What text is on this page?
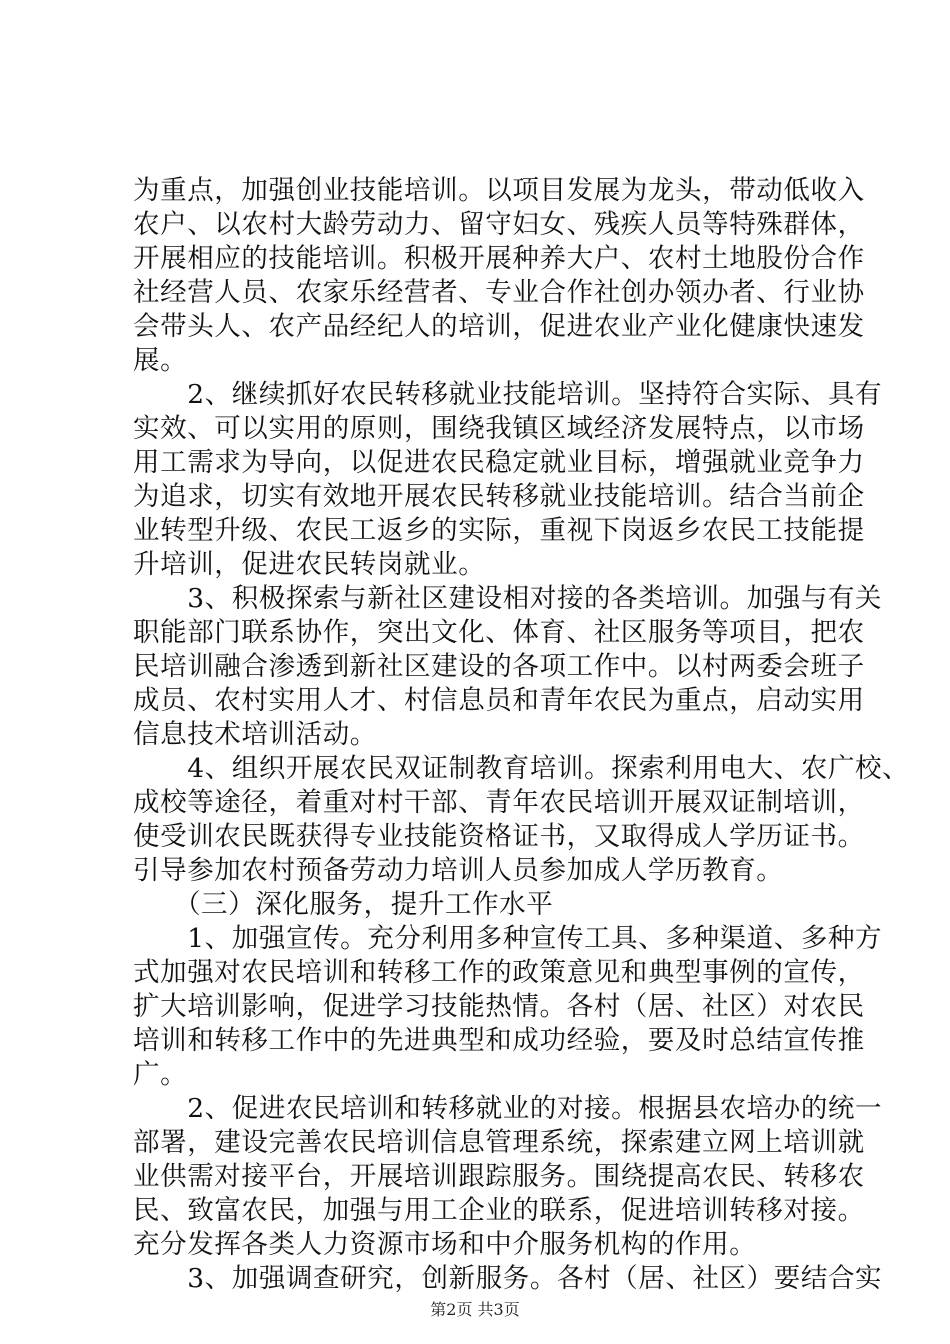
为重点，加强创业技能培训。以项目发展为龙头，带动低收入
农户、以农村大龄劳动力、留守妇女、残疾人员等特殊群体，
开展相应的技能培训。积极开展种养大户、农村土地股份合作
社经营人员、农家乐经营者、专业合作社创办领办者、行业协
会带头人、农产品经纪人的培训，促进农业产业化健康快速发
展。
　　2、继续抓好农民转移就业技能培训。坚持符合实际、具有
实效、可以实用的原则，围绕我镇区域经济发展特点，以市场
用工需求为导向，以促进农民稳定就业目标，增强就业竞争力
为追求，切实有效地开展农民转移就业技能培训。结合当前企
业转型升级、农民工返乡的实际，重视下岗返乡农民工技能提
升培训，促进农民转岗就业。
　　3、积极探索与新社区建设相对接的各类培训。加强与有关
职能部门联系协作，突出文化、体育、社区服务等项目，把农
民培训融合渗透到新社区建设的各项工作中。以村两委会班子
成员、农村实用人才、村信息员和青年农民为重点，启动实用
信息技术培训活动。
　　4、组织开展农民双证制教育培训。探索利用电大、农广校、
成校等途径，着重对村干部、青年农民培训开展双证制培训，
使受训农民既获得专业技能资格证书，又取得成人学历证书。
引导参加农村预备劳动力培训人员参加成人学历教育。
　　（三）深化服务，提升工作水平
　　1、加强宣传。充分利用多种宣传工具、多种渠道、多种方
式加强对农民培训和转移工作的政策意见和典型事例的宣传，
扩大培训影响，促进学习技能热情。各村（居、社区）对农民
培训和转移工作中的先进典型和成功经验，要及时总结宣传推
广。
　　2、促进农民培训和转移就业的对接。根据县农培办的统一
部署，建设完善农民培训信息管理系统，探索建立网上培训就
业供需对接平台，开展培训跟踪服务。围绕提高农民、转移农
民、致富农民，加强与用工企业的联系，促进培训转移对接。
充分发挥各类人力资源市场和中介服务机构的作用。
　　3、加强调查研究，创新服务。各村（居、社区）要结合实
第2页 共3页
